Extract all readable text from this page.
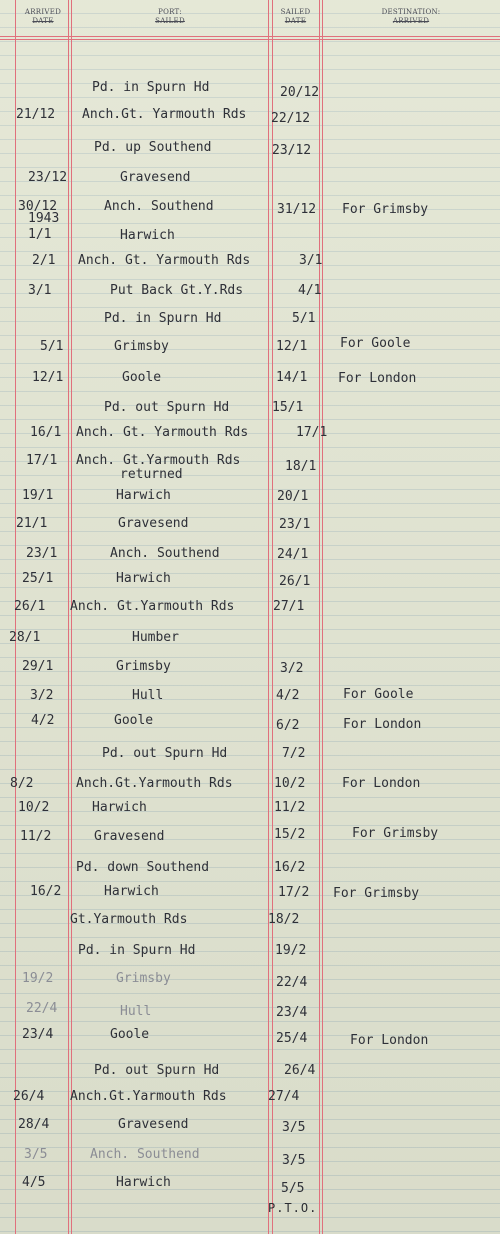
ARRIVED
DATE
PORT:
SAILED
SAILED
DATE
DESTINATION:
ARRIVED
Pd. in Spurn Hd	20/12
21/12 Anch.Gt. Yarmouth Rds 22/12
Pd. up Southend	23/12
23/12	Gravesend
30/12	Anch. Southend	31/12 For Grimsby
1943
1/1	Harwich
2/1 Anch. Gt. Yarmouth Rds	3/1
3/1	Put Back Gt.Y.Rds	4/1
Pd. in Spurn Hd	5/1
5/1	Grimsby	12/1	For Goole
12/1	Goole	14/1 For London
Pd. out Spurn Hd	15/1
16/1 Anch. Gt. Yarmouth Rds	17/1
17/1 Anch. Gt.Yarmouth Rds	18/1
returned
19/1	Harwich	20/1
21/1	Gravesend	23/1
23/1	Anch. Southend	24/1
25/1	Harwich	26/1
26/1 Anch. Gt.Yarmouth Rds	27/1
28/1	Humber
29/1	Grimsby	3/2
3/2	Hull	4/2	For Goole
4/2	Goole	6/2	For London
Pd. out Spurn Hd	7/2
8/2	Anch.Gt.Yarmouth Rds	10/2	For London
10/2	Harwich	11/2
11/2	Gravesend	15/2	For Grimsby
Pd. down Southend	16/2
16/2	Harwich	17/2 For Grimsby
Gt.Yarmouth Rds	18/2
Pd. in Spurn Hd	19/2
19/2	Grimsby	22/4
22/4	Hull	23/4
23/4	Goole	25/4	For London
Pd. out Spurn Hd	26/4
26/4 Anch.Gt.Yarmouth Rds	27/4
28/4	Gravesend	3/5
3/5	Anch. Southend	3/5
4/5	Harwich	5/5
P.T.O.
